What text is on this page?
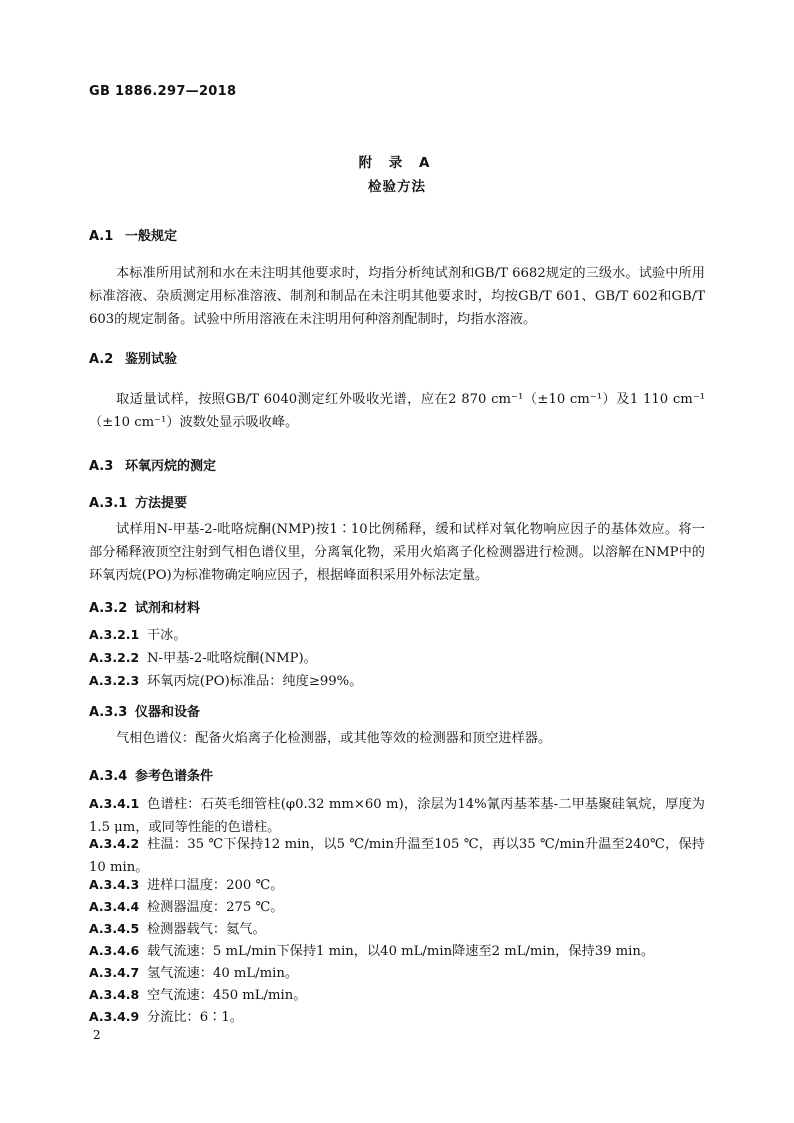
GB 1886.297—2018
附 录 A
检验方法
A.1 一般规定
本标准所用试剂和水在未注明其他要求时，均指分析纯试剂和GB/T 6682规定的三级水。试验中所用标准溶液、杂质测定用标准溶液、制剂和制品在未注明其他要求时，均按GB/T 601、GB/T 602和GB/T 603的规定制备。试验中所用溶液在未注明用何种溶剂配制时，均指水溶液。
A.2 鉴别试验
取适量试样，按照GB/T 6040测定红外吸收光谱，应在2 870 cm⁻¹（±10 cm⁻¹）及1 110 cm⁻¹（±10 cm⁻¹）波数处显示吸收峰。
A.3 环氧丙烷的测定
A.3.1 方法提要
试样用N-甲基-2-吡咯烷酮(NMP)按1∶10比例稀释，缓和试样对氧化物响应因子的基体效应。将一部分稀释液顶空注射到气相色谱仪里，分离氧化物，采用火焰离子化检测器进行检测。以溶解在NMP中的环氧丙烷(PO)为标准物确定响应因子，根据峰面积采用外标法定量。
A.3.2 试剂和材料
A.3.2.1 干冰。
A.3.2.2 N-甲基-2-吡咯烷酮(NMP)。
A.3.2.3 环氧丙烷(PO)标准品：纯度≥99%。
A.3.3 仪器和设备
气相色谱仪：配备火焰离子化检测器，或其他等效的检测器和顶空进样器。
A.3.4 参考色谱条件
A.3.4.1 色谱柱：石英毛细管柱(φ0.32 mm×60 m)，涂层为14%氰丙基苯基-二甲基聚硅氧烷，厚度为1.5 μm，或同等性能的色谱柱。
A.3.4.2 柱温：35 ℃下保持12 min，以5 ℃/min升温至105 ℃，再以35 ℃/min升温至240℃，保持10 min。
A.3.4.3 进样口温度：200 ℃。
A.3.4.4 检测器温度：275 ℃。
A.3.4.5 检测器载气：氦气。
A.3.4.6 载气流速：5 mL/min下保持1 min，以40 mL/min降速至2 mL/min，保持39 min。
A.3.4.7 氢气流速：40 mL/min。
A.3.4.8 空气流速：450 mL/min。
A.3.4.9 分流比：6∶1。
2
